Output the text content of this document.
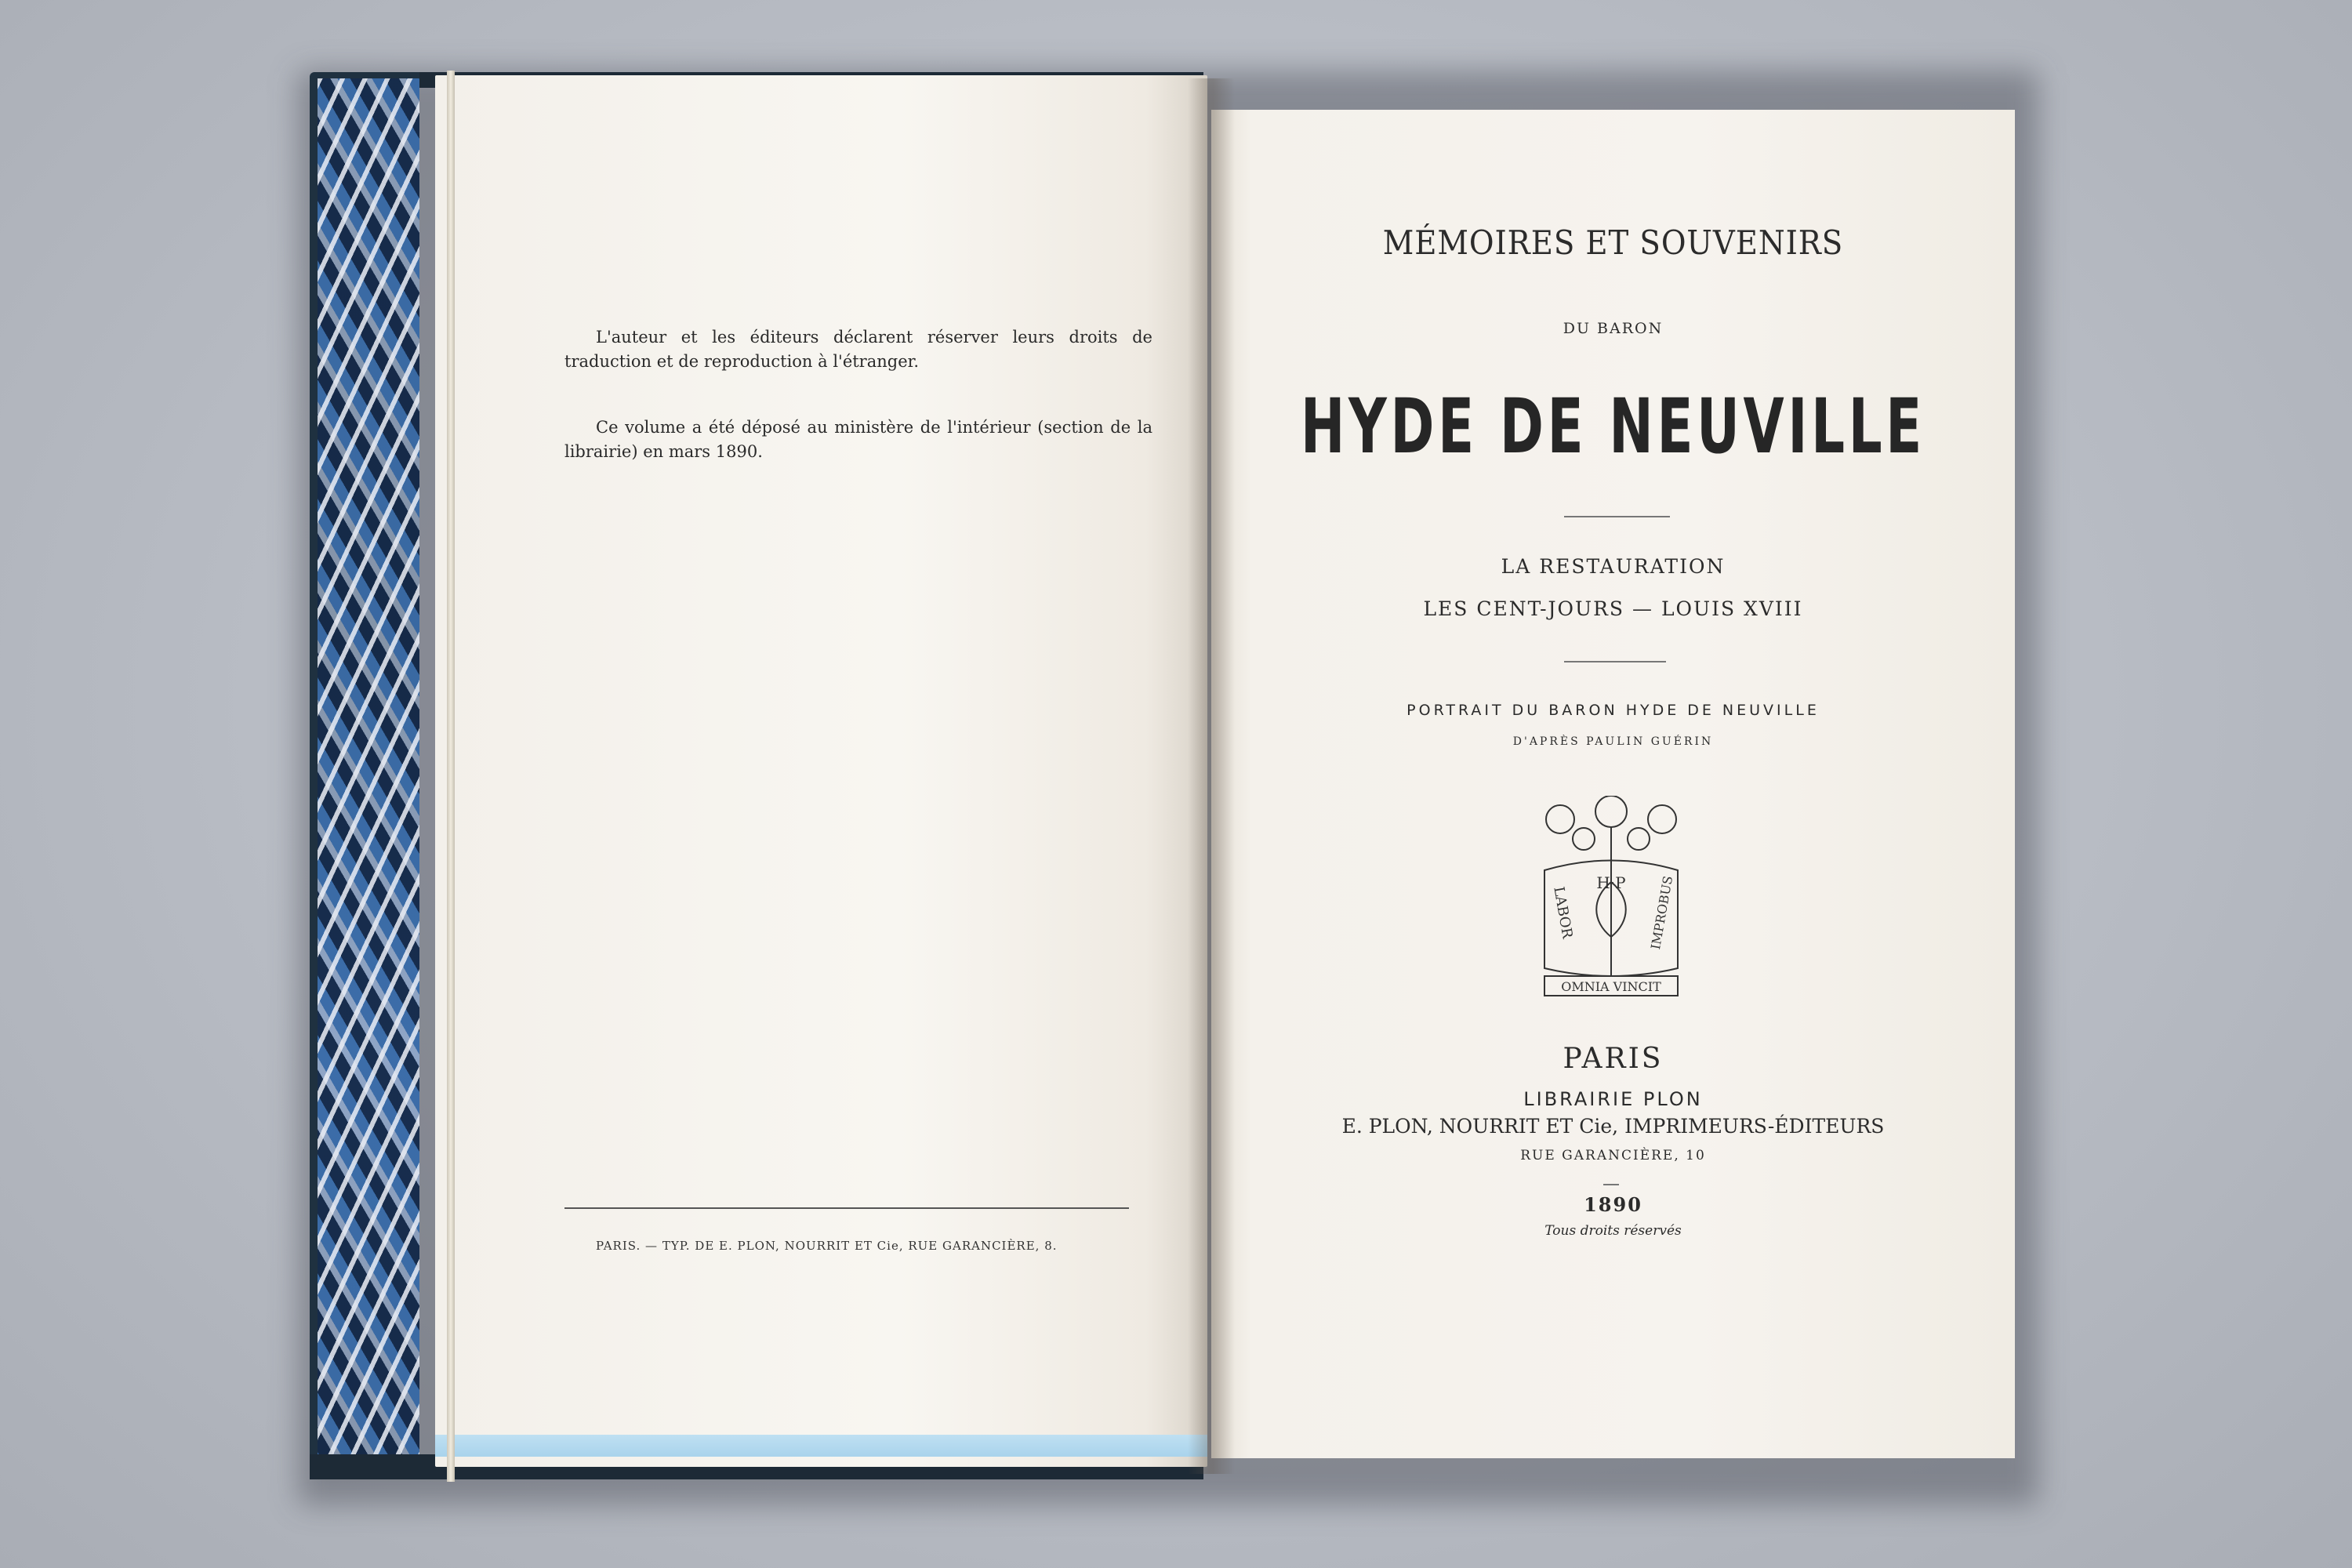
L'auteur et les éditeurs déclarent réserver leurs droits de traduction et de reproduction à l'étranger.

Ce volume a été déposé au ministère de l'intérieur (section de la librairie) en mars 1890.

PARIS. — TYP. DE E. PLON, NOURRIT ET Cie, RUE GARANCIÈRE, 8.
MÉMOIRES ET SOUVENIRS
DU BARON
HYDE DE NEUVILLE
LA RESTAURATION
LES CENT-JOURS — LOUIS XVIII
PORTRAIT DU BARON HYDE DE NEUVILLE
D'APRÈS PAULIN GUÉRIN
LABOR	IMPROBUS
H·P
OMNIA VINCIT
PARIS
LIBRAIRIE PLON
E. PLON, NOURRIT ET Cie, IMPRIMEURS-ÉDITEURS
RUE GARANCIÈRE, 10
1890
Tous droits réservés
